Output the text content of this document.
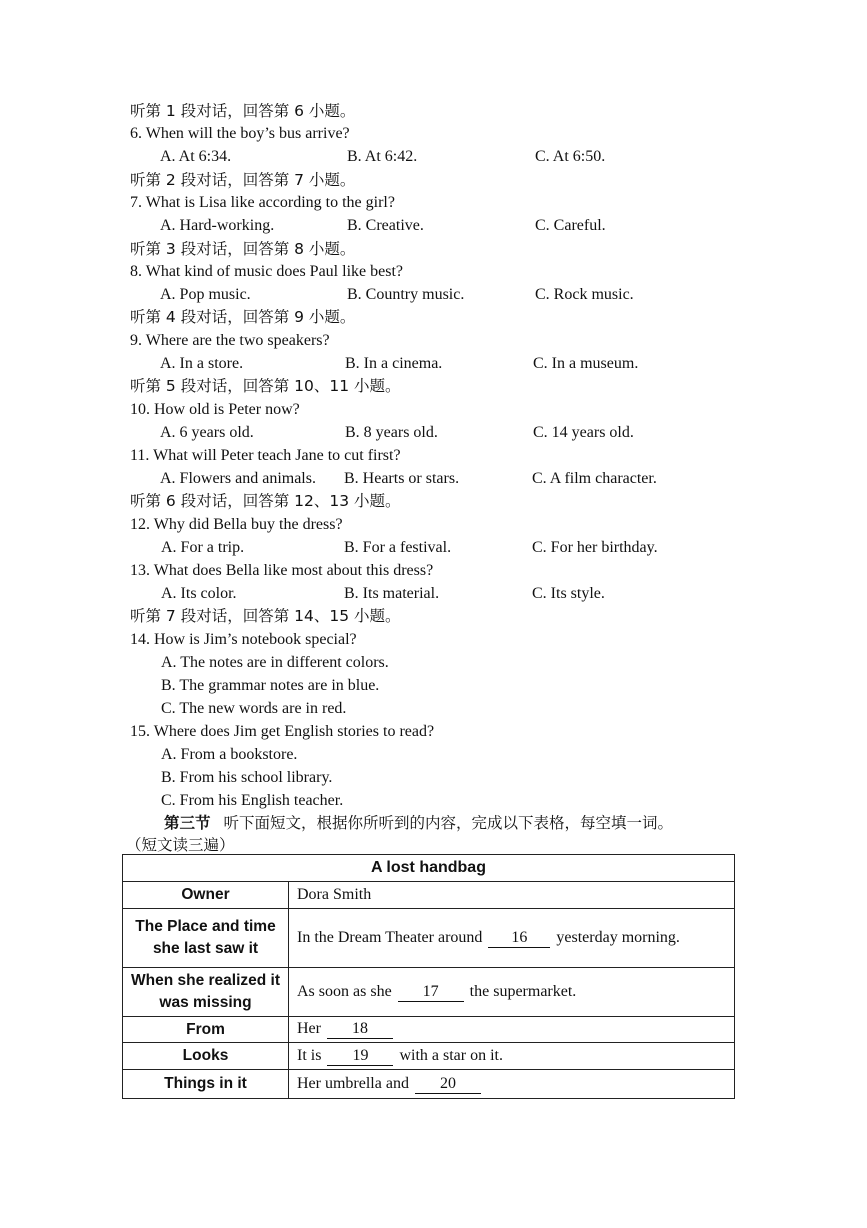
听第 1 段对话，回答第 6 小题。
6. When will the boy’s bus arrive?
A. At 6:34.	B. At 6:42.	C. At 6:50.
听第 2 段对话，回答第 7 小题。
7. What is Lisa like according to the girl?
A. Hard-working.	B. Creative.	C. Careful.
听第 3 段对话，回答第 8 小题。
8. What kind of music does Paul like best?
A. Pop music.	B. Country music.	C. Rock music.
听第 4 段对话，回答第 9 小题。
9. Where are the two speakers?
A. In a store.	B. In a cinema.	C. In a museum.
听第 5 段对话，回答第 10、11 小题。
10. How old is Peter now?
A. 6 years old.	B. 8 years old.	C. 14 years old.
11. What will Peter teach Jane to cut first?
A. Flowers and animals. B. Hearts or stars.	C. A film character.
听第 6 段对话，回答第 12、13 小题。
12. Why did Bella buy the dress?
A. For a trip.	B. For a festival.	C. For her birthday.
13. What does Bella like most about this dress?
A. Its color.	B. Its material.	C. Its style.
听第 7 段对话，回答第 14、15 小题。
14. How is Jim’s notebook special?
A. The notes are in different colors.
B. The grammar notes are in blue.
C. The new words are in red.
15. Where does Jim get English stories to read?
A. From a bookstore.
B. From his school library.
C. From his English teacher.
第三节 听下面短文，根据你所听到的内容，完成以下表格，每空填一词。
（短文读三遍）
A lost handbag	
Owner	Dora Smith
The Place and time she last saw it	In the Dream Theater around 16 yesterday morning.
When she realized it was missing	As soon as she 17 the supermarket.
From	Her 18
Looks	It is 19 with a star on it.
Things in it	Her umbrella and 20
